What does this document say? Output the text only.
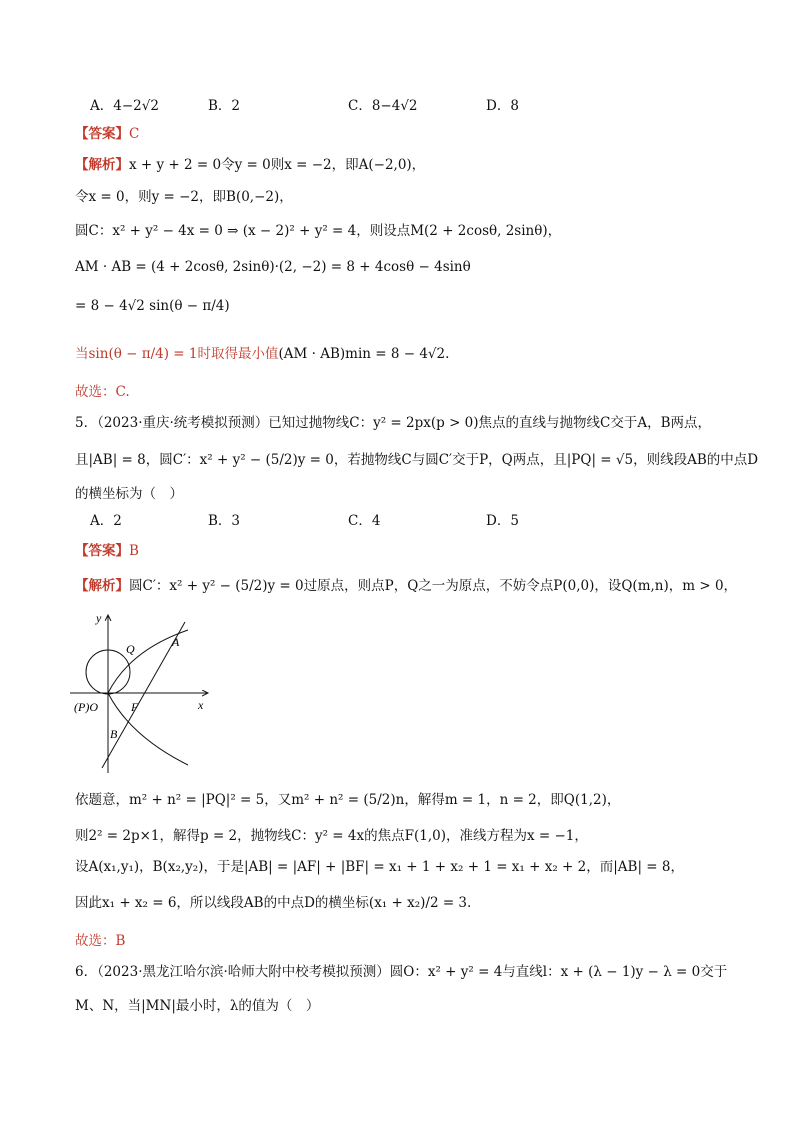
A．4−2√2	B．2	C．8−4√2	D．8
【答案】C
【解析】x + y + 2 = 0令y = 0则x = −2，即A(−2,0)，
令x = 0，则y = −2，即B(0,−2)，
圆C：x² + y² − 4x = 0 ⇒ (x − 2)² + y² = 4，则设点M(2 + 2cosθ, 2sinθ)，
AM · AB = (4 + 2cosθ, 2sinθ)·(2, −2) = 8 + 4cosθ − 4sinθ
= 8 − 4√2 sin(θ − π/4)
当sin(θ − π/4) = 1时取得最小值(AM · AB)min = 8 − 4√2.
故选：C.
5．（2023·重庆·统考模拟预测）已知过抛物线C：y² = 2px(p > 0)焦点的直线与抛物线C交于A，B两点，
且|AB| = 8，圆C′：x² + y² − (5/2)y = 0，若抛物线C与圆C′交于P，Q两点，且|PQ| = √5，则线段AB的中点D
的横坐标为（　）
A．2	B．3	C．4	D．5
【答案】B
【解析】圆C′：x² + y² − (5/2)y = 0过原点，则点P，Q之一为原点，不妨令点P(0,0)，设Q(m,n)，m > 0，
y
x
(P)O	F
Q	A
B
依题意，m² + n² = |PQ|² = 5，又m² + n² = (5/2)n，解得m = 1，n = 2，即Q(1,2)，
则2² = 2p×1，解得p = 2，抛物线C：y² = 4x的焦点F(1,0)，准线方程为x = −1，
设A(x₁,y₁)，B(x₂,y₂)，于是|AB| = |AF| + |BF| = x₁ + 1 + x₂ + 1 = x₁ + x₂ + 2，而|AB| = 8，
因此x₁ + x₂ = 6，所以线段AB的中点D的横坐标(x₁ + x₂)/2 = 3.
故选：B
6．（2023·黑龙江哈尔滨·哈师大附中校考模拟预测）圆O：x² + y² = 4与直线l：x + (λ − 1)y − λ = 0交于
M、N，当|MN|最小时，λ的值为（　）
